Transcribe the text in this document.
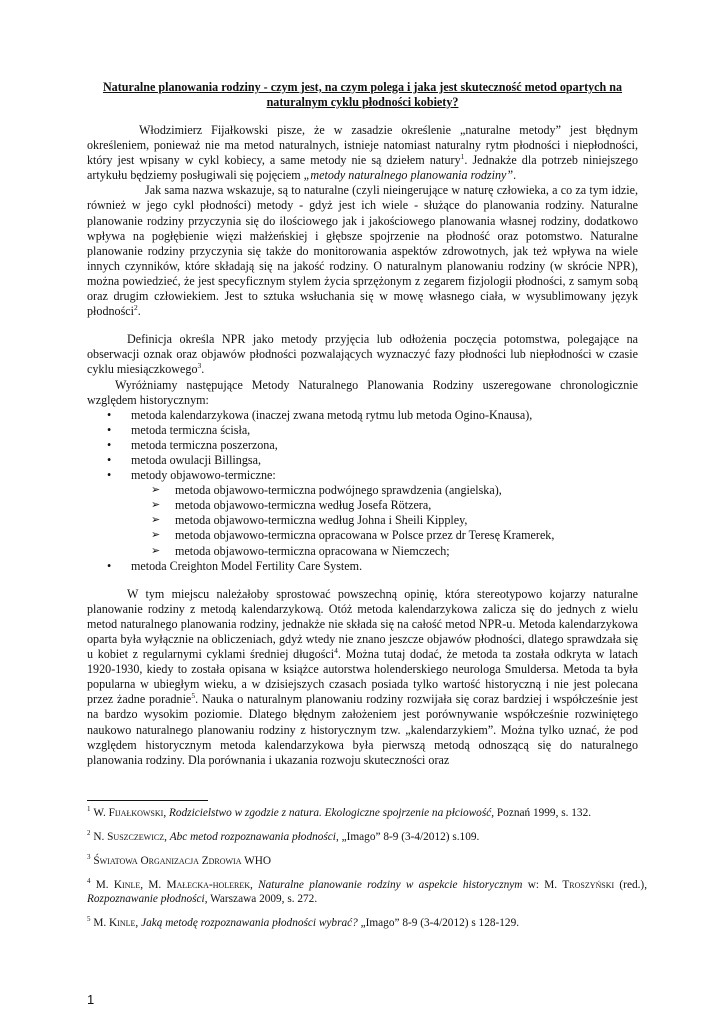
Naturalne planowania rodziny - czym jest, na czym polega i jaka jest skuteczność metod opartych na naturalnym cyklu płodności kobiety?

Włodzimierz Fijałkowski pisze, że w zasadzie określenie „naturalne metody” jest błędnym określeniem, ponieważ nie ma metod naturalnych, istnieje natomiast naturalny rytm płodności i niepłodności, który jest wpisany w cykl kobiecy, a same metody nie są dziełem natury$^1$. Jednakże dla potrzeb niniejszego artykułu będziemy posługiwali się pojęciem „metody naturalnego planowania rodziny”.

Jak sama nazwa wskazuje, są to naturalne (czyli nieingerujące w naturę człowieka, a co za tym idzie, również w jego cykl płodności) metody - gdyż jest ich wiele - służące do planowania rodziny. Naturalne planowanie rodziny przyczynia się do ilościowego jak i jakościowego planowania własnej rodziny, dodatkowo wpływa na pogłębienie więzi małżeńskiej i głębsze spojrzenie na płodność oraz potomstwo. Naturalne planowanie rodziny przyczynia się także do monitorowania aspektów zdrowotnych, jak też wpływa na wiele innych czynników, które składają się na jakość rodziny. O naturalnym planowaniu rodziny (w skrócie NPR), można powiedzieć, że jest specyficznym stylem życia sprzężonym z zegarem fizjologii płodności, z samym sobą oraz drugim człowiekiem. Jest to sztuka wsłuchania się w mowę własnego ciała, w wysublimowany język płodności$^2$.

Definicja określa NPR jako metody przyjęcia lub odłożenia poczęcia potomstwa, polegające na obserwacji oznak oraz objawów płodności pozwalających wyznaczyć fazy płodności lub niepłodności w czasie cyklu miesiączkowego$^3$.

Wyróżniamy następujące Metody Naturalnego Planowania Rodziny uszeregowane chronologicznie względem historycznym:

• metoda kalendarzykowa (inaczej zwana metodą rytmu lub metoda Ogino-Knausa),
• metoda termiczna ścisła,
• metoda termiczna poszerzona,
• metoda owulacji Billingsa,
• metody objawowo-termiczne:
➢ metoda objawowo-termiczna podwójnego sprawdzenia (angielska),
➢ metoda objawowo-termiczna według Josefa Rötzera,
➢ metoda objawowo-termiczna według Johna i Sheili Kippley,
➢ metoda objawowo-termiczna opracowana w Polsce przez dr Teresę Kramerek,
➢ metoda objawowo-termiczna opracowana w Niemczech;
• metoda Creighton Model Fertility Care System.

W tym miejscu należałoby sprostować powszechną opinię, która stereotypowo kojarzy naturalne planowanie rodziny z metodą kalendarzykową. Otóż metoda kalendarzykowa zalicza się do jednych z wielu metod naturalnego planowania rodziny, jednakże nie składa się na całość metod NPR-u. Metoda kalendarzykowa oparta była wyłącznie na obliczeniach, gdyż wtedy nie znano jeszcze objawów płodności, dlatego sprawdzała się u kobiet z regularnymi cyklami średniej długości$^4$. Można tutaj dodać, że metoda ta została odkryta w latach 1920-1930, kiedy to została opisana w książce autorstwa holenderskiego neurologa Smuldersa. Metoda ta była popularna w ubiegłym wieku, a w dzisiejszych czasach posiada tylko wartość historyczną i nie jest polecana przez żadne poradnie$^5$. Nauka o naturalnym planowaniu rodziny rozwijała się coraz bardziej i współcześnie jest na bardzo wysokim poziomie. Dlatego błędnym założeniem jest porównywanie współcześnie rozwiniętego naukowo naturalnego planowaniu rodziny z historycznym tzw. „kalendarzykiem”. Można tylko uznać, że pod względem historycznym metoda kalendarzykowa była pierwszą metodą odnoszącą się do naturalnego planowania rodziny. Dla porównania i ukazania rozwoju skuteczności oraz

$^1$ W. Fijałkowski, Rodzicielstwo w zgodzie z natura. Ekologiczne spojrzenie na płciowość, Poznań 1999, s. 132.

$^2$ N. Suszczewicz, Abc metod rozpoznawania płodności, „Imago” 8-9 (3-4/2012) s.109.

$^3$ Światowa Organizacja Zdrowia WHO

$^4$ M. Kinle, M. Małecka-holerek, Naturalne planowanie rodziny w aspekcie historycznym w: M. Troszyński (red.), Rozpoznawanie płodności, Warszawa 2009, s. 272.

$^5$ M. Kinle, Jaką metodę rozpoznawania płodności wybrać? „Imago” 8-9 (3-4/2012) s 128-129.

1
